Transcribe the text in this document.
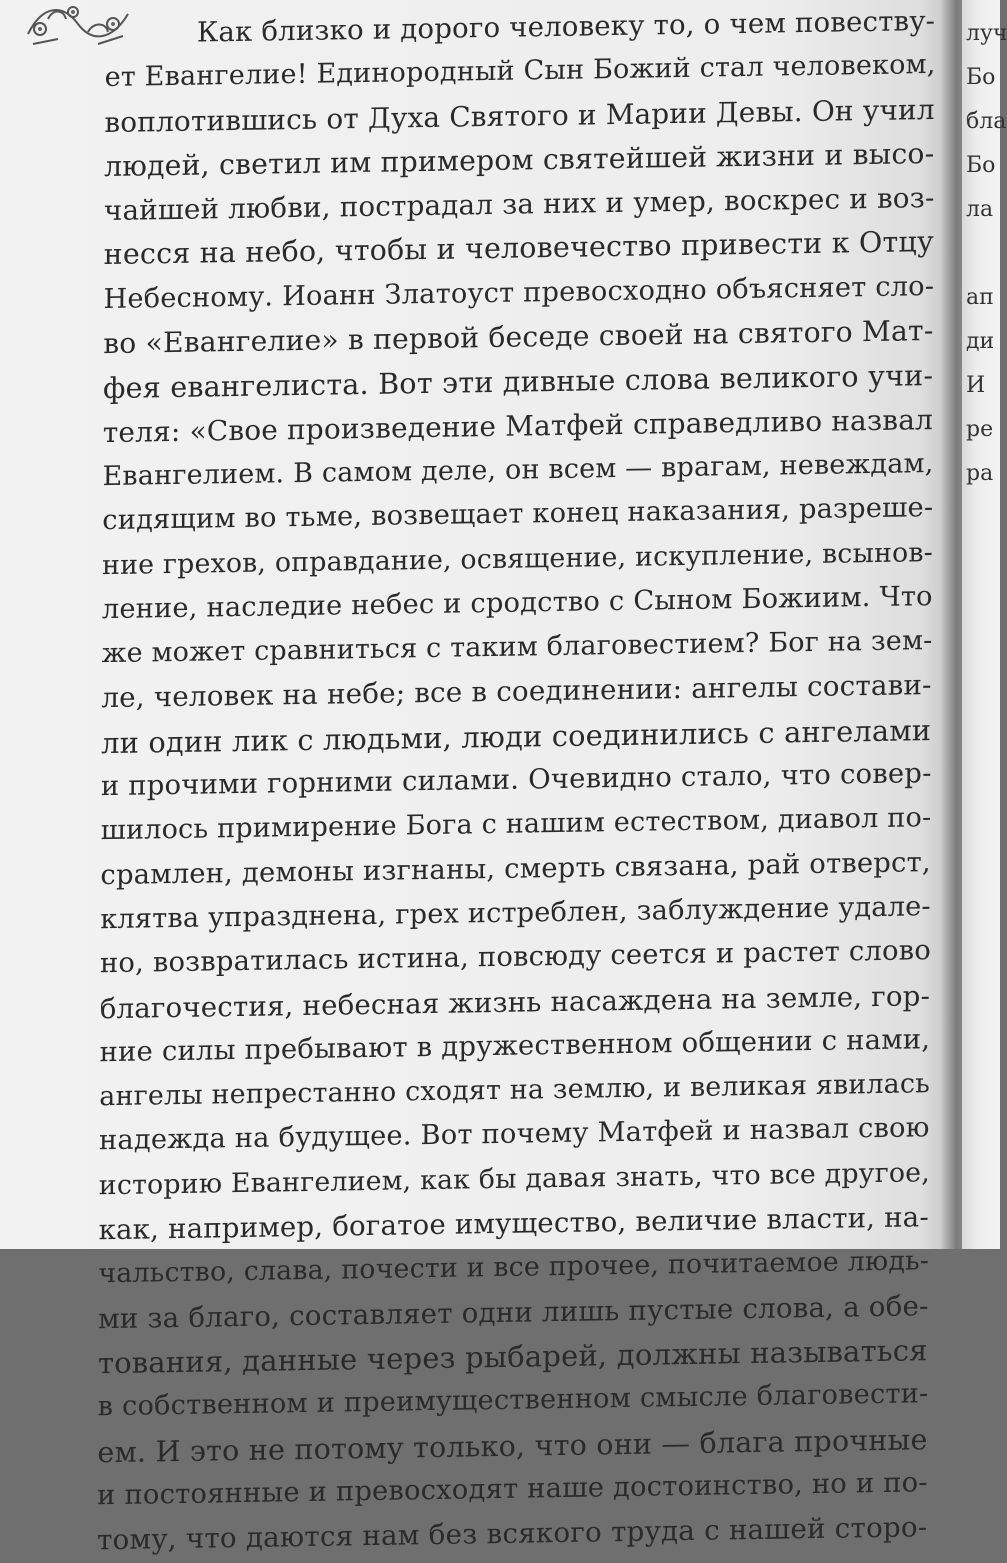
Как близко и дорого человеку то, о чем повеству-
ет Евангелие! Единородный Сын Божий стал человеком,
воплотившись от Духа Святого и Марии Девы. Он учил
людей, светил им примером святейшей жизни и высо-
чайшей любви, пострадал за них и умер, воскрес и воз-
несся на небо, чтобы и человечество привести к Отцу
Небесному. Иоанн Златоуст превосходно объясняет сло-
во «Евангелие» в первой беседе своей на святого Мат-
фея евангелиста. Вот эти дивные слова великого учи-
теля: «Свое произведение Матфей справедливо назвал
Евангелием. В самом деле, он всем — врагам, невеждам,
сидящим во тьме, возвещает конец наказания, разреше-
ние грехов, оправдание, освящение, искупление, всынов-
ление, наследие небес и сродство с Сыном Божиим. Что
же может сравниться с таким благовестием? Бог на зем-
ле, человек на небе; все в соединении: ангелы состави-
ли один лик с людьми, люди соединились с ангелами
и прочими горними силами. Очевидно стало, что совер-
шилось примирение Бога с нашим естеством, диавол по-
срамлен, демоны изгнаны, смерть связана, рай отверст,
клятва упразднена, грех истреблен, заблуждение удале-
но, возвратилась истина, повсюду сеется и растет слово
благочестия, небесная жизнь насаждена на земле, гор-
ние силы пребывают в дружественном общении с нами,
ангелы непрестанно сходят на землю, и великая явилась
надежда на будущее. Вот почему Матфей и назвал свою
историю Евангелием, как бы давая знать, что все другое,
как, например, богатое имущество, величие власти, на-
чальство, слава, почести и все прочее, почитаемое людь-
ми за благо, составляет одни лишь пустые слова, а обе-
тования, данные через рыбарей, должны называться
в собственном и преимущественном смысле благовести-
ем. И это не потому только, что они — блага прочные
и постоянные и превосходят наше достоинство, но и по-
тому, что даются нам без всякого труда с нашей сторо-
луч
Бо
бла
Бо
ла

ап
ди
И
ре
ра
